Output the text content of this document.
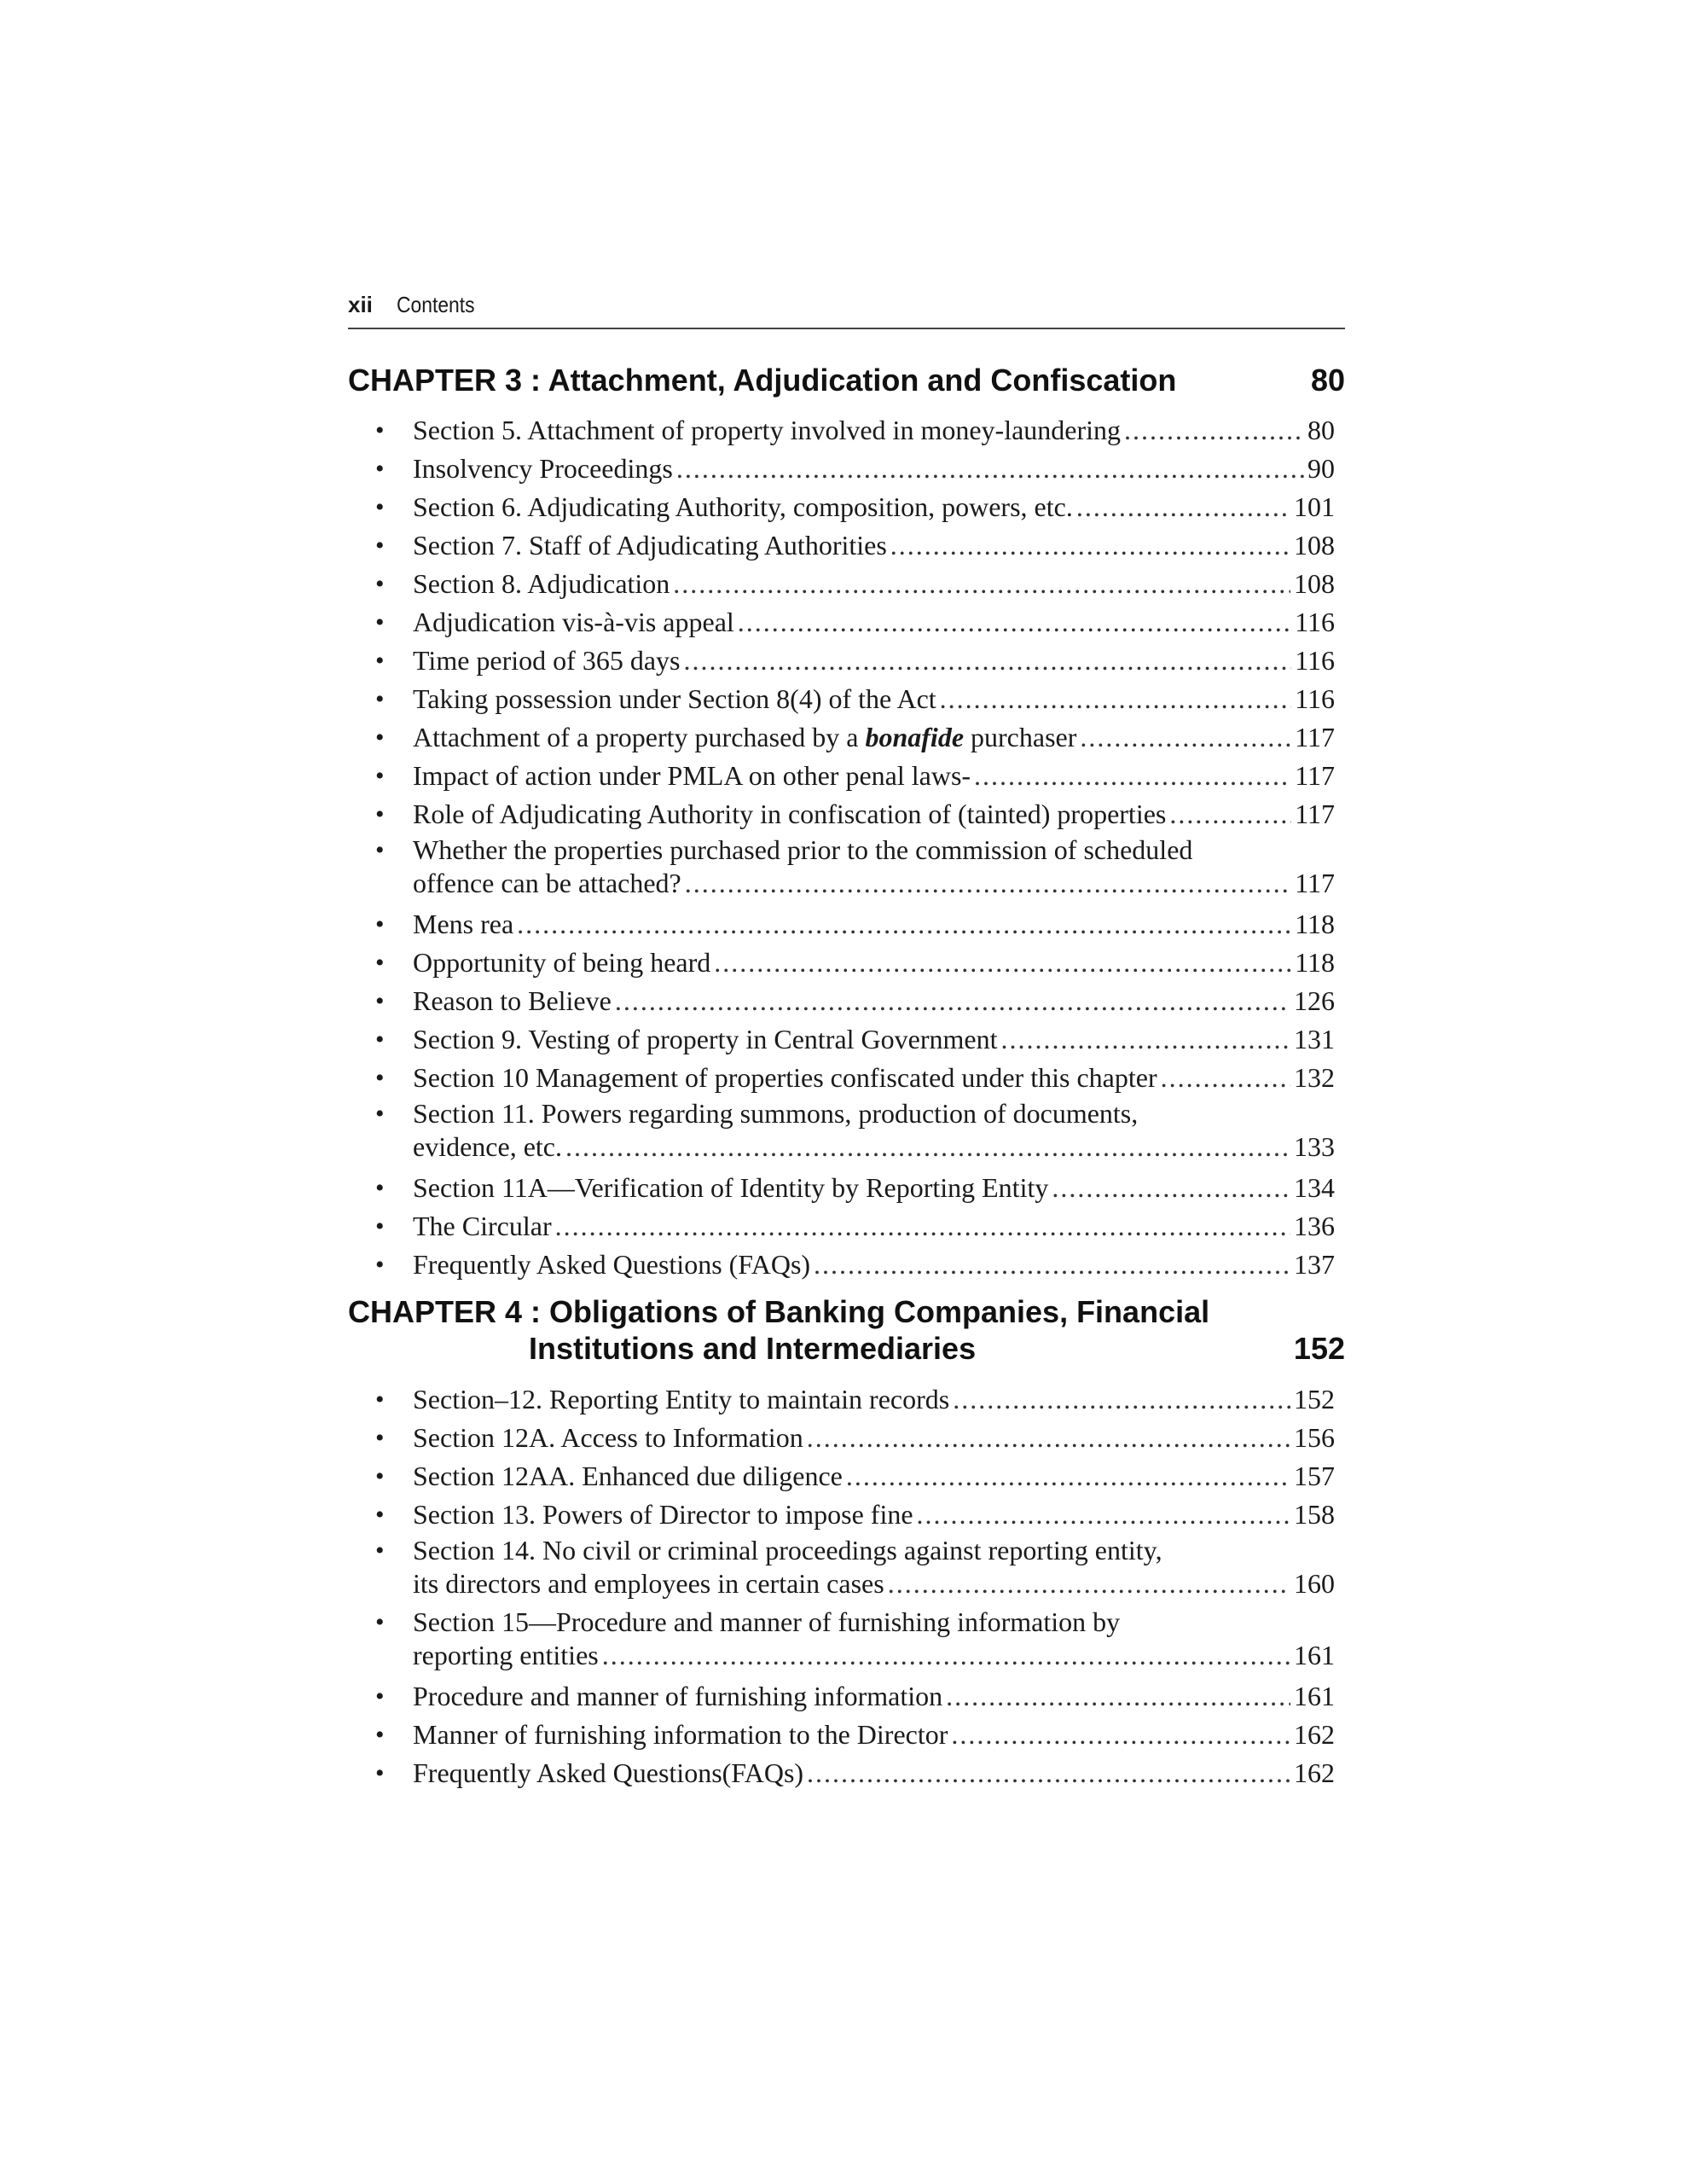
xii Contents
CHAPTER 3 : Attachment, Adjudication and Confiscation	80
• Section 5. Attachment of property involved in money-laundering . . .	80
• Insolvency Proceedings . . .	90
• Section 6. Adjudicating Authority, composition, powers, etc. . . .	101
• Section 7. Staff of Adjudicating Authorities . . .	108
• Section 8. Adjudication . . .	108
• Adjudication vis-à-vis appeal . . .	116
• Time period of 365 days . . .	116
• Taking possession under Section 8(4) of the Act . . .	116
• Attachment of a property purchased by a bonafide purchaser . . .	117
• Impact of action under PMLA on other penal laws- . . .	117
• Role of Adjudicating Authority in confiscation of (tainted) properties . . .	117
• Whether the properties purchased prior to the commission of scheduled
offence can be attached? . . .	117
• Mens rea . . .	118
• Opportunity of being heard . . .	118
• Reason to Believe . . .	126
• Section 9. Vesting of property in Central Government . . .	131
• Section 10 Management of properties confiscated under this chapter . . .	132
• Section 11. Powers regarding summons, production of documents,
evidence, etc. . . .	133
• Section 11A—Verification of Identity by Reporting Entity . . .	134
• The Circular . . .	136
• Frequently Asked Questions (FAQs) . . .	137
CHAPTER 4 : Obligations of Banking Companies, Financial
Institutions and Intermediaries	152
• Section–12. Reporting Entity to maintain records . . .	152
• Section 12A. Access to Information . . .	156
• Section 12AA. Enhanced due diligence . . .	157
• Section 13. Powers of Director to impose fine . . .	158
• Section 14. No civil or criminal proceedings against reporting entity,
its directors and employees in certain cases . . .	160
• Section 15—Procedure and manner of furnishing information by
reporting entities . . .	161
• Procedure and manner of furnishing information . . .	161
• Manner of furnishing information to the Director . . .	162
• Frequently Asked Questions(FAQs) . . .	162
